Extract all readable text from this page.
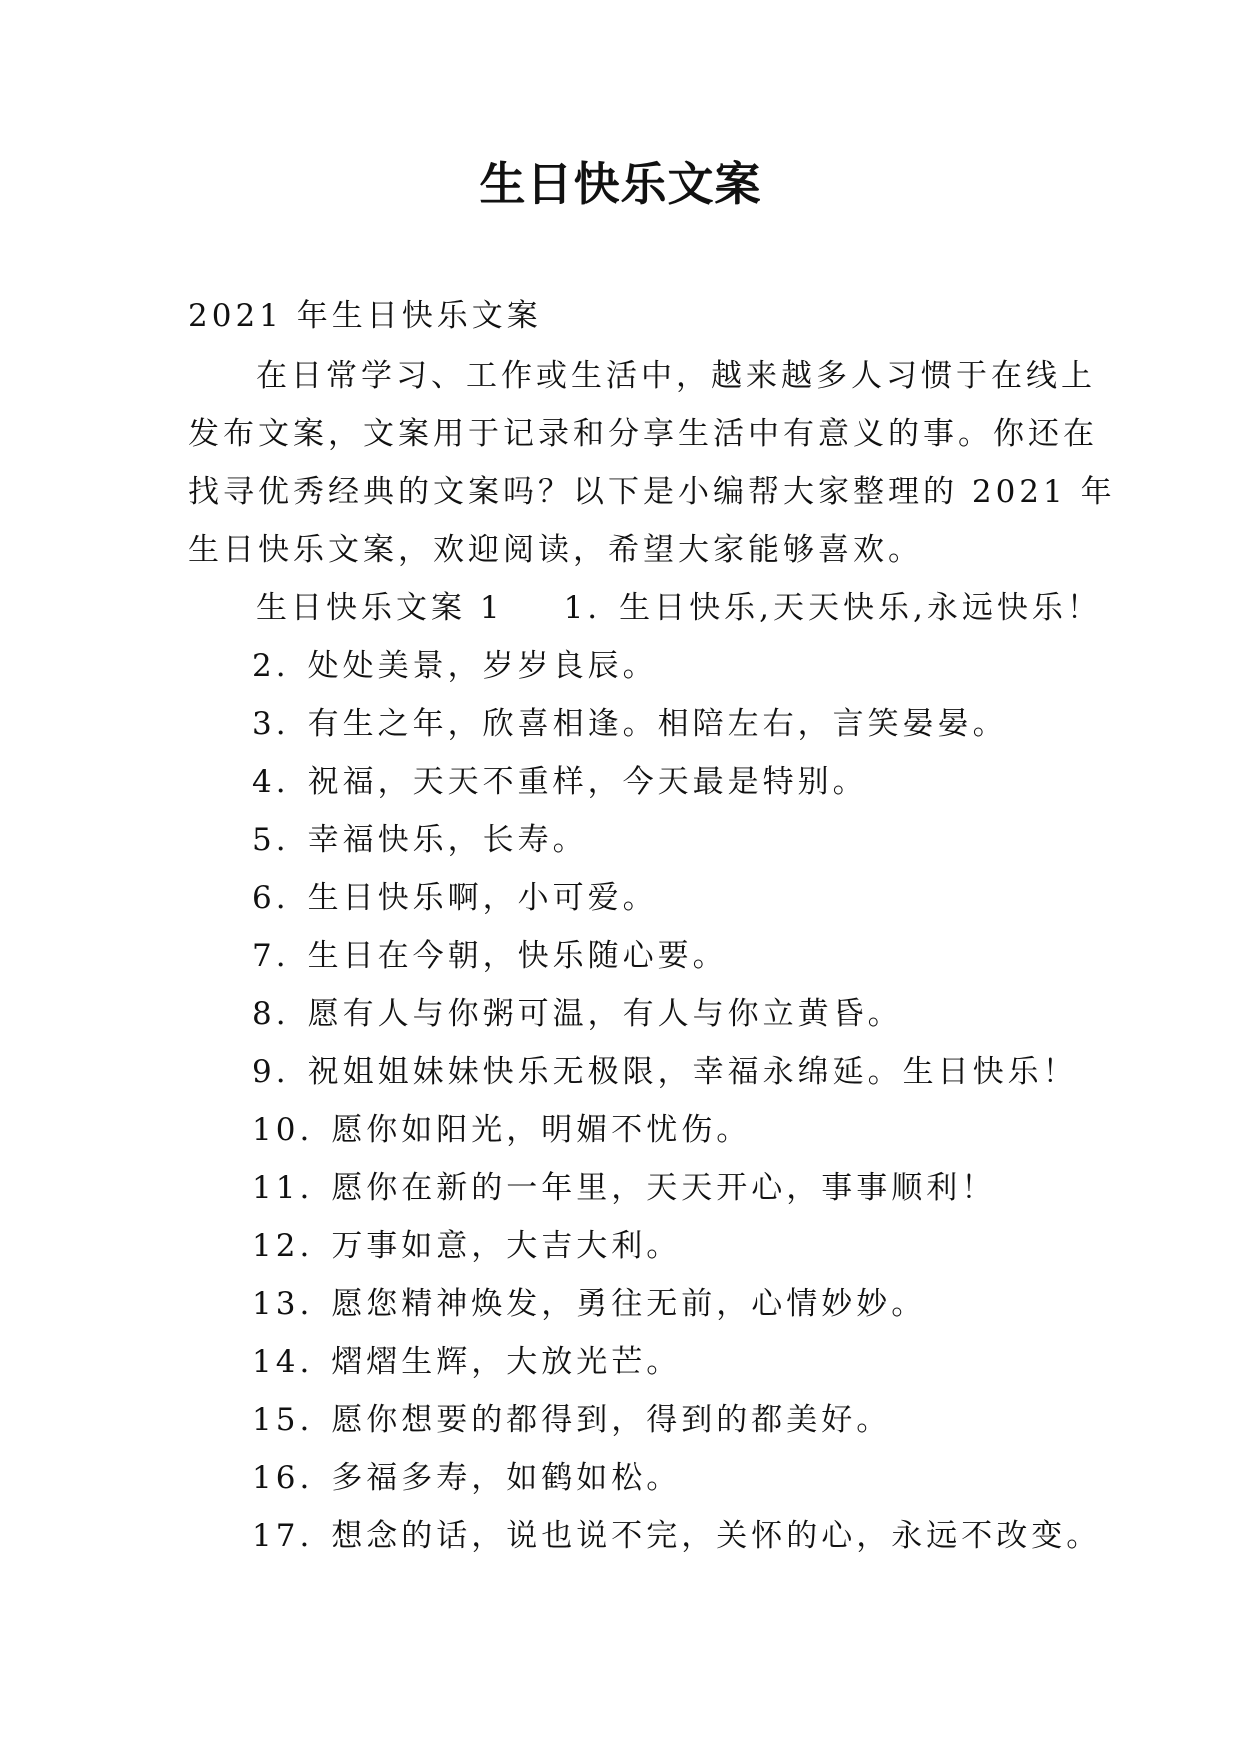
生日快乐文案
2021 年生日快乐文案
在日常学习、工作或生活中，越来越多人习惯于在线上
发布文案，文案用于记录和分享生活中有意义的事。你还在
找寻优秀经典的文案吗？以下是小编帮大家整理的 2021 年
生日快乐文案，欢迎阅读，希望大家能够喜欢。
生日快乐文案 1 1. 生日快乐,天天快乐,永远快乐！
2. 处处美景，岁岁良辰。
3. 有生之年，欣喜相逢。相陪左右，言笑晏晏。
4. 祝福，天天不重样，今天最是特别。
5. 幸福快乐，长寿。
6. 生日快乐啊，小可爱。
7. 生日在今朝，快乐随心要。
8. 愿有人与你粥可温，有人与你立黄昏。
9. 祝姐姐妹妹快乐无极限，幸福永绵延。生日快乐！
10. 愿你如阳光，明媚不忧伤。
11. 愿你在新的一年里，天天开心，事事顺利！
12. 万事如意，大吉大利。
13. 愿您精神焕发，勇往无前，心情妙妙。
14. 熠熠生辉，大放光芒。
15. 愿你想要的都得到，得到的都美好。
16. 多福多寿，如鹤如松。
17. 想念的话，说也说不完，关怀的心，永远不改变。
